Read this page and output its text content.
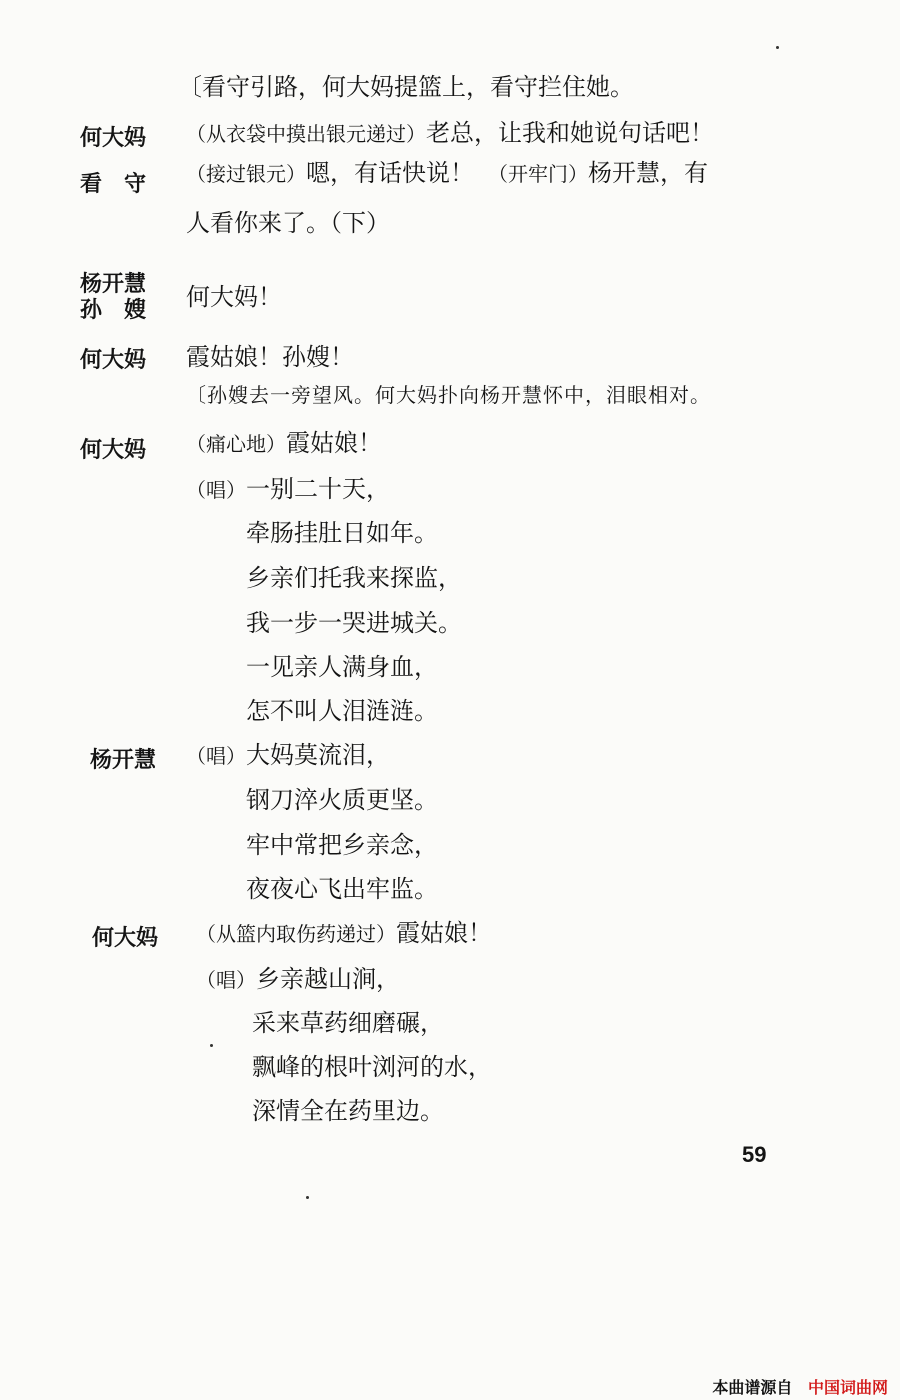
〔看守引路，何大妈提篮上，看守拦住她。
何大妈 （从衣袋中摸出银元递过）老总，让我和她说句话吧！
看　守 （接过银元）嗯，有话快说！　 （开牢门）杨开慧，有
人看你来了。（下）
杨开慧
孙　嫂 何大妈！
何大妈 霞姑娘！孙嫂！
〔孙嫂去一旁望风。何大妈扑向杨开慧怀中，泪眼相对。
何大妈 （痛心地）霞姑娘！
（唱）一别二十天，
牵肠挂肚日如年。
乡亲们托我来探监，
我一步一哭进城关。
一见亲人满身血，
怎不叫人泪涟涟。
杨开慧 （唱）大妈莫流泪，
钢刀淬火质更坚。
牢中常把乡亲念，
夜夜心飞出牢监。
何大妈 （从篮内取伤药递过）霞姑娘！
（唱）乡亲越山涧，
采来草药细磨碾，
飘峰的根叶浏河的水，
深情全在药里边。
59
本曲谱源自 中国词曲网
